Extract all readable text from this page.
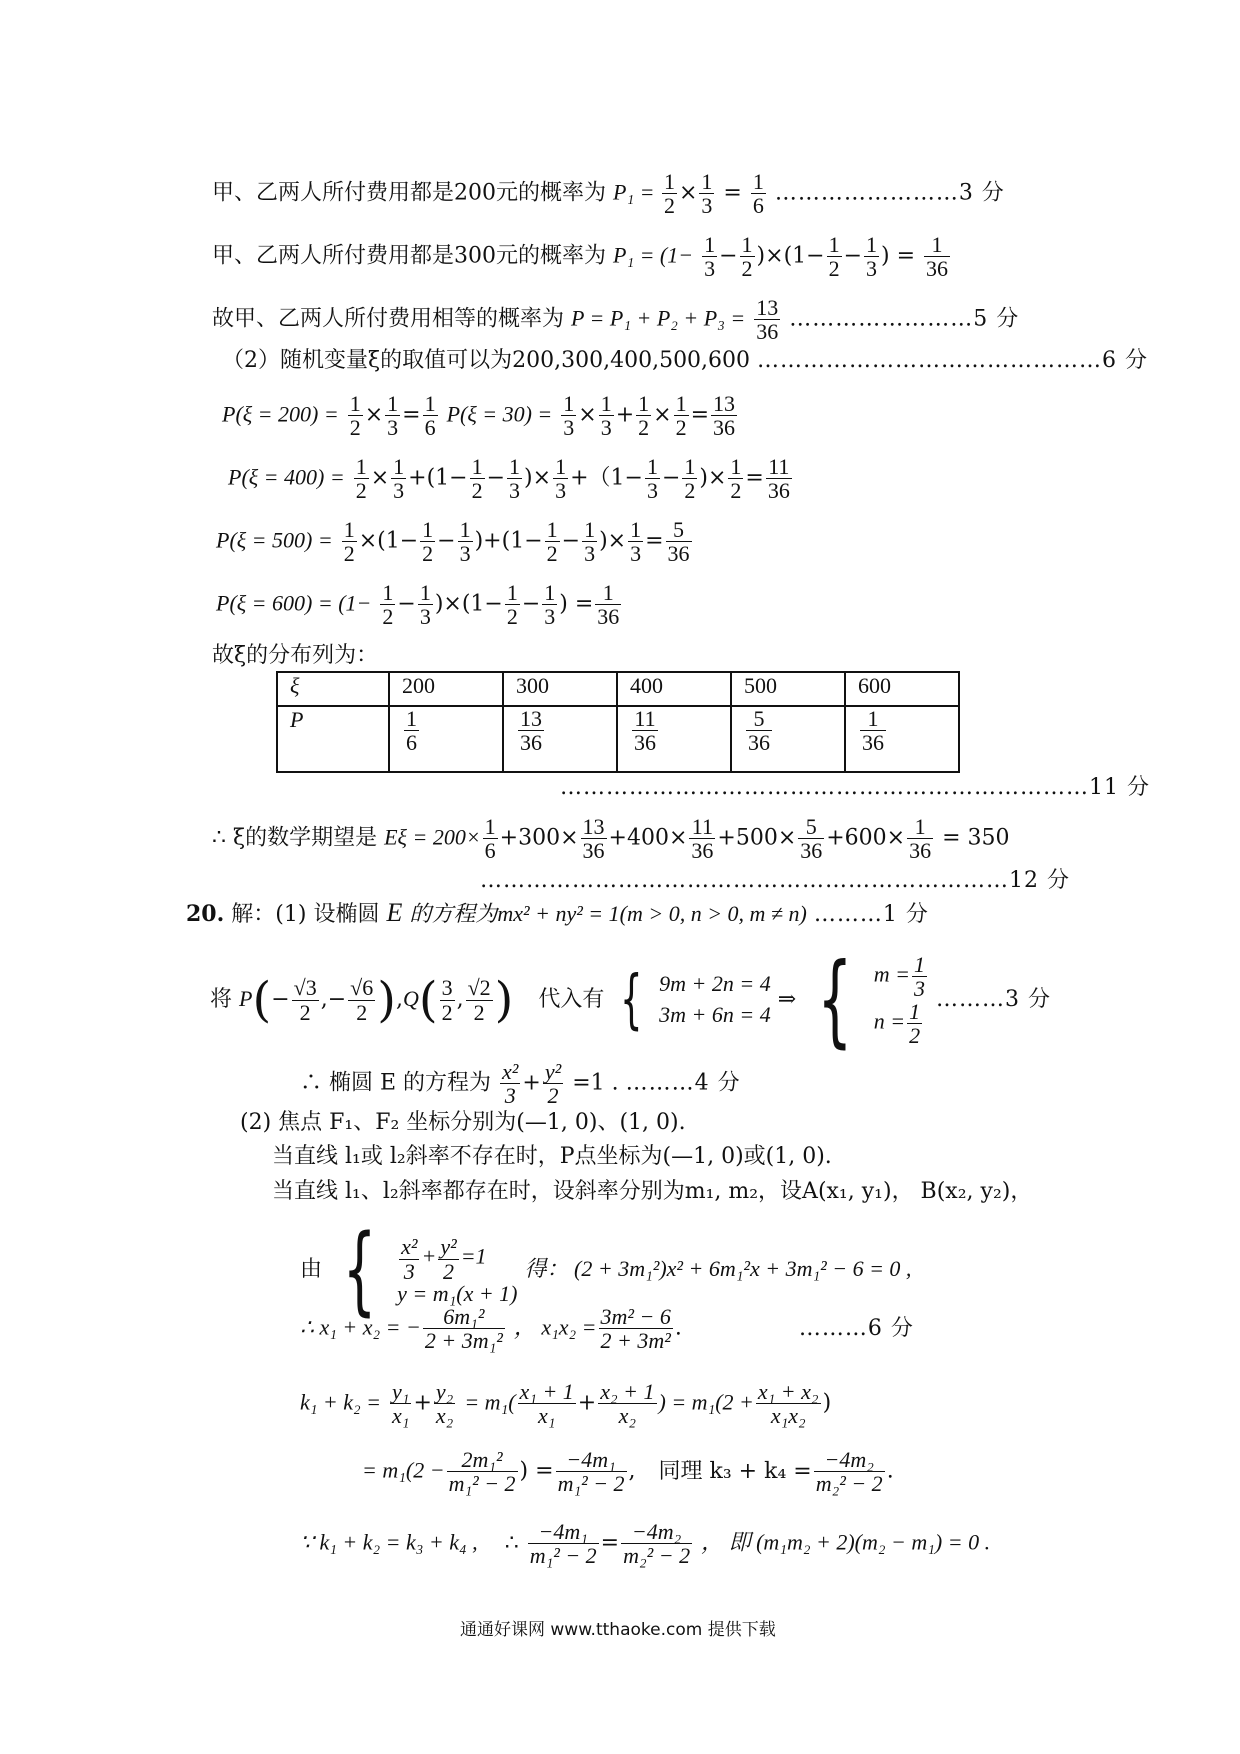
甲、乙两人所付费用都是200元的概率为 $P_1 = \frac{1}{2} \times \frac{1}{3} = \frac{1}{6}$ ……………………3 分
甲、乙两人所付费用都是300元的概率为 $P_1 = (1- \frac{1}{3} - \frac{1}{2} )\times(1- \frac{1}{2} - \frac{1}{3}$ ) = $\frac{1}{36}$
故甲、乙两人所付费用相等的概率为 $P = P_1 + P_2 + P_3 = \frac{13}{36}$ ……………………5 分
（2）随机变量ξ的取值可以为200,300,400,500,600 ………………………………………6 分
$P(\xi = 200) = \frac{1}{2} \times \frac{1}{3} = \frac{1}{6} P(\xi = 30) = \frac{1}{3} \times \frac{1}{3} + \frac{1}{2} \times \frac{1}{2} = \frac{13}{36}$
$P(\xi = 400) = \frac{1}{2} \times \frac{1}{3} +(1- \frac{1}{2} - \frac{1}{3}$ )× $\frac{1}{3} +(1- \frac{1}{3} - \frac{1}{2}$ )× $\frac{1}{2} = \frac{11}{36}$
$P(\xi = 500) = \frac{1}{2} \times(1- \frac{1}{2} - \frac{1}{3} )+(1- \frac{1}{2} - \frac{1}{3}$ )× $\frac{1}{3} = \frac{5}{36}$
$P(\xi = 600) = (1- \frac{1}{2} - \frac{1}{3} )\times(1- \frac{1}{2} - \frac{1}{3}$ ) = $\frac{1}{36}$
故ξ的分布列为：
ξ	200	300	400	500	600
P	$\frac{1}{6}$	$\frac{13}{36}$	$\frac{11}{36}$	$\frac{5}{36}$	$\frac{1}{36}$
……………………………………………………………11 分
∴ ξ的数学期望是 $E\xi = 200\times \frac{1}{6} +300\times \frac{13}{36} +400\times \frac{11}{36} +500\times \frac{5}{36} +600\times \frac{1}{36} = 350$
……………………………………………………………12 分
20. 解：(1) 设椭圆 E 的方程为mx² + ny² = 1(m > 0, n > 0, m ≠ n) ………1 分
将 $P(- \frac{√3}{2}$ ,− $\frac{√6}{2} ),Q( \frac{3}{2}$ , $\frac{√2}{2}$ ) 代入有 { 9m + 2n = 4
3m + 6n = 4
⇒ { $m = \frac{1}{3}$
$n = \frac{1}{2}$
………3 分
∴ 椭圆 E 的方程为 $\frac{\text{x²}}{3} + \frac{\text{y²}}{2} =1$ . ………4 分
(2) 焦点 F₁、F₂ 坐标分别为(—1, 0)、(1, 0).
当直线 l₁或 l₂斜率不存在时，P点坐标为(—1, 0)或(1, 0).
当直线 l₁、l₂斜率都存在时，设斜率分别为m₁, m₂，设A(x₁, y₁)， B(x₂, y₂)，
由 { $\frac{\text{x²}}{3} + \frac{\text{y²}}{2} =1$
y = m₁(x + 1)
得： (2 + 3m₁²)x² + 6m₁²x + 3m₁² − 6 = 0 ,
∴ x₁ + x₂ = − $\frac{\text{6m₁²}}{\text{2 + 3m₁²}}$ ， $x_1x_2 = \frac{\text{3m² − 6}}{\text{2 + 3m²}}$ .	………6 分
$k_1 + k_2 = \frac{\text{y₁}}{\text{x₁}} + \frac{\text{y₂}}{\text{x₂}} = m_1( \frac{\text{x₁ + 1}}{\text{x₁}} + \frac{\text{x₂ + 1}}{\text{x₂}}$ ) = $m_1(2 + \frac{\text{x₁ + x₂}}{\text{x₁x₂}}$ )
= $m_1(2 - \frac{\text{2m₁²}}{\text{m₁² − 2}}$ ) = $\frac{\text{−4m₁}}{\text{m₁² − 2}}$ , 同理 $k_3 + k_4 = \frac{\text{−4m₂}}{\text{m₂² − 2}}$ .
∵ k₁ + k₂ = k₃ + k₄ , ∴ $\frac{\text{−4m₁}}{\text{m₁² − 2}} = \frac{\text{−4m₂}}{\text{m₂² − 2}}$ ， 即 (m₁m₂ + 2)(m₂ − m₁) = 0 .
通通好课网 www.tthaoke.com 提供下载
